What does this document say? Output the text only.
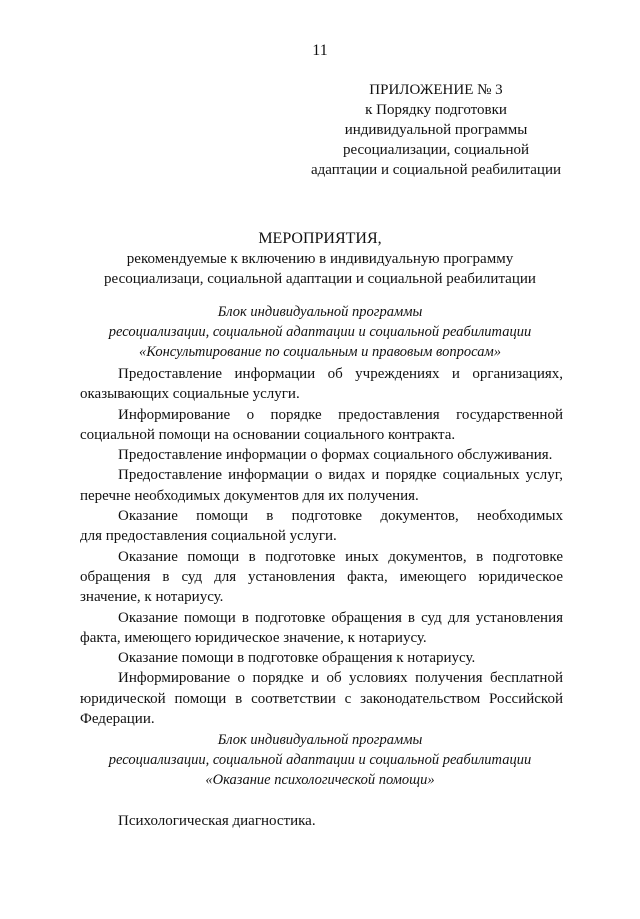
11
ПРИЛОЖЕНИЕ № 3
к Порядку подготовки
индивидуальной программы
ресоциализации, социальной
адаптации и социальной реабилитации
МЕРОПРИЯТИЯ,
рекомендуемые к включению в индивидуальную программу
ресоциализаци, социальной адаптации и социальной реабилитации
Блок индивидуальной программы
ресоциализации, социальной адаптации и социальной реабилитации
«Консультирование по социальным и правовым вопросам»
Предоставление информации об учреждениях и организациях,
оказывающих социальные услуги.
Информирование о порядке предоставления государственной
социальной помощи на основании социального контракта.
Предоставление информации о формах социального обслуживания.
Предоставление информации о видах и порядке социальных услуг,
перечне необходимых документов для их получения.
Оказание помощи в подготовке документов, необходимых
для предоставления социальной услуги.
Оказание помощи в подготовке иных документов, в подготовке
обращения в суд для установления факта, имеющего юридическое
значение, к нотариусу.
Оказание помощи в подготовке обращения в суд для установления
факта, имеющего юридическое значение, к нотариусу.
Оказание помощи в подготовке обращения к нотариусу.
Информирование о порядке и об условиях получения бесплатной
юридической помощи в соответствии с законодательством Российской
Федерации.
Блок индивидуальной программы
ресоциализации, социальной адаптации и социальной реабилитации
«Оказание психологической помощи»
Психологическая диагностика.
